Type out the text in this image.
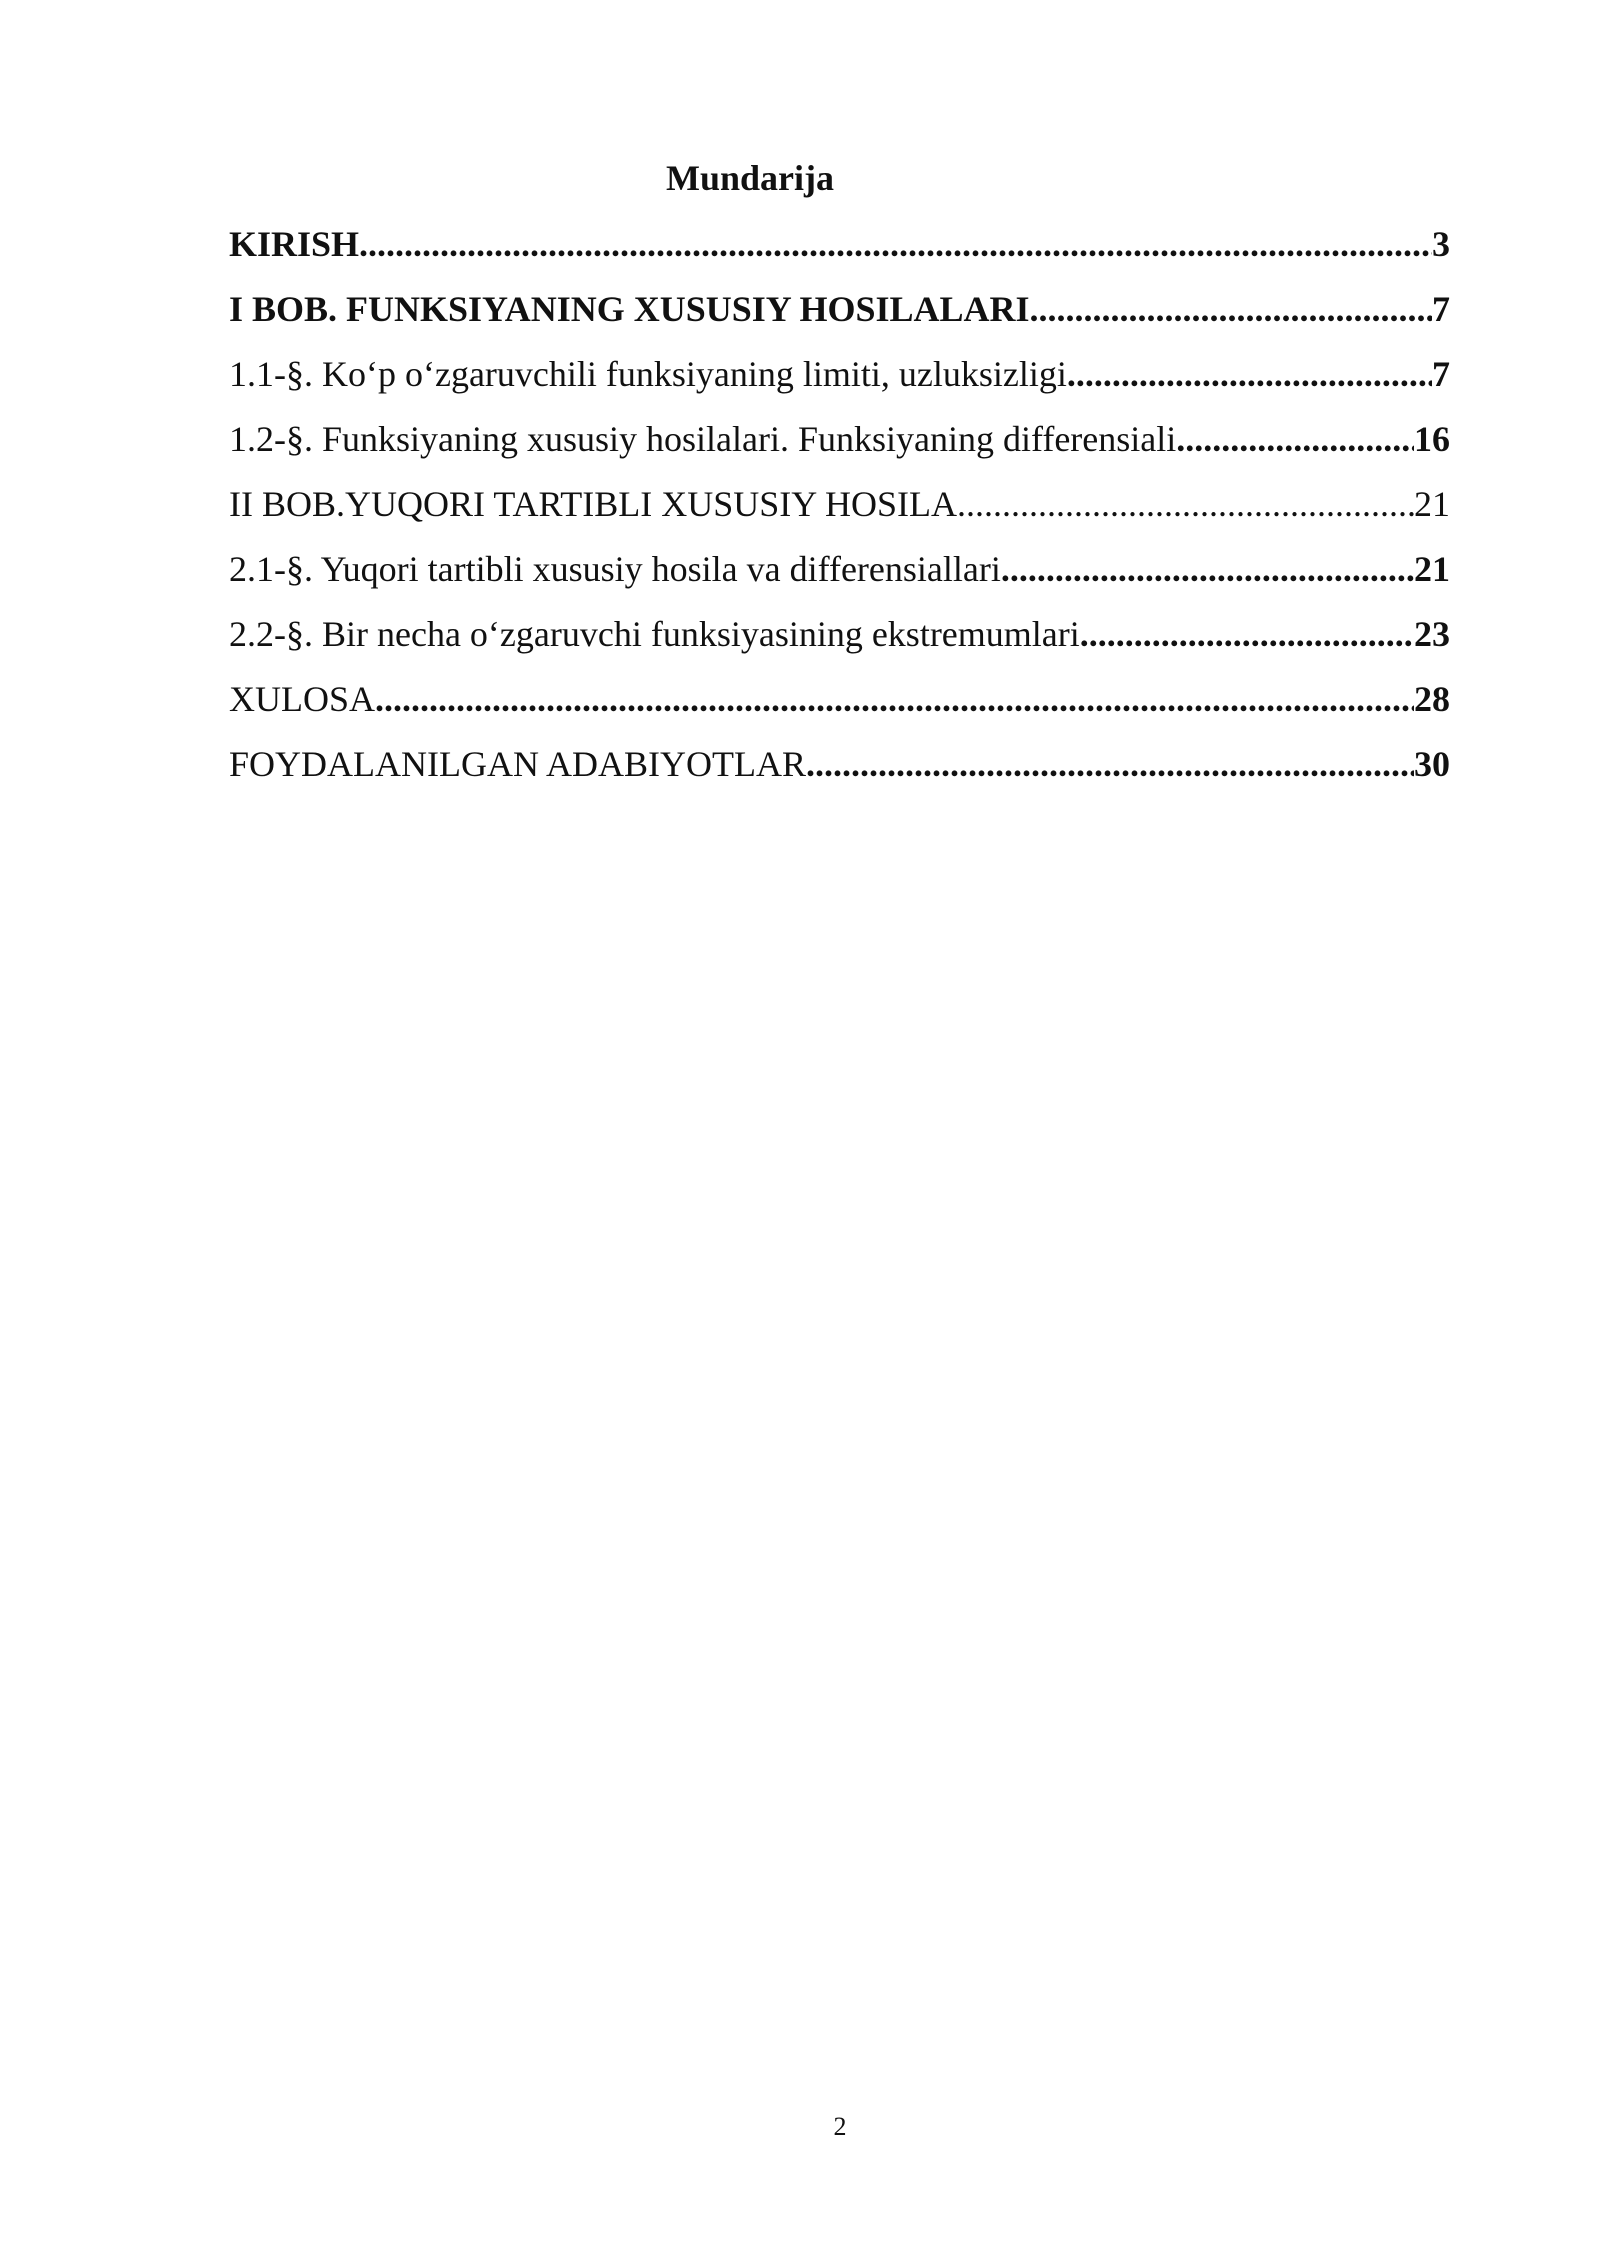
Mundarija
KIRISH .....	3
I BOB. FUNKSIYANING XUSUSIY HOSILALARI .....	7
1.1-§. Ko‘p o‘zgaruvchili funksiyaning limiti, uzluksizligi .....	7
1.2-§. Funksiyaning xususiy hosilalari. Funksiyaning differensiali .....	16
II BOB.YUQORI TARTIBLI XUSUSIY HOSILA .....	21
2.1-§. Yuqori tartibli xususiy hosila va differensiallari .....	21
2.2-§. Bir necha o‘zgaruvchi funksiyasining ekstremumlari .....	23
XULOSA .....	28
FOYDALANILGAN ADABIYOTLAR .....	30
2
